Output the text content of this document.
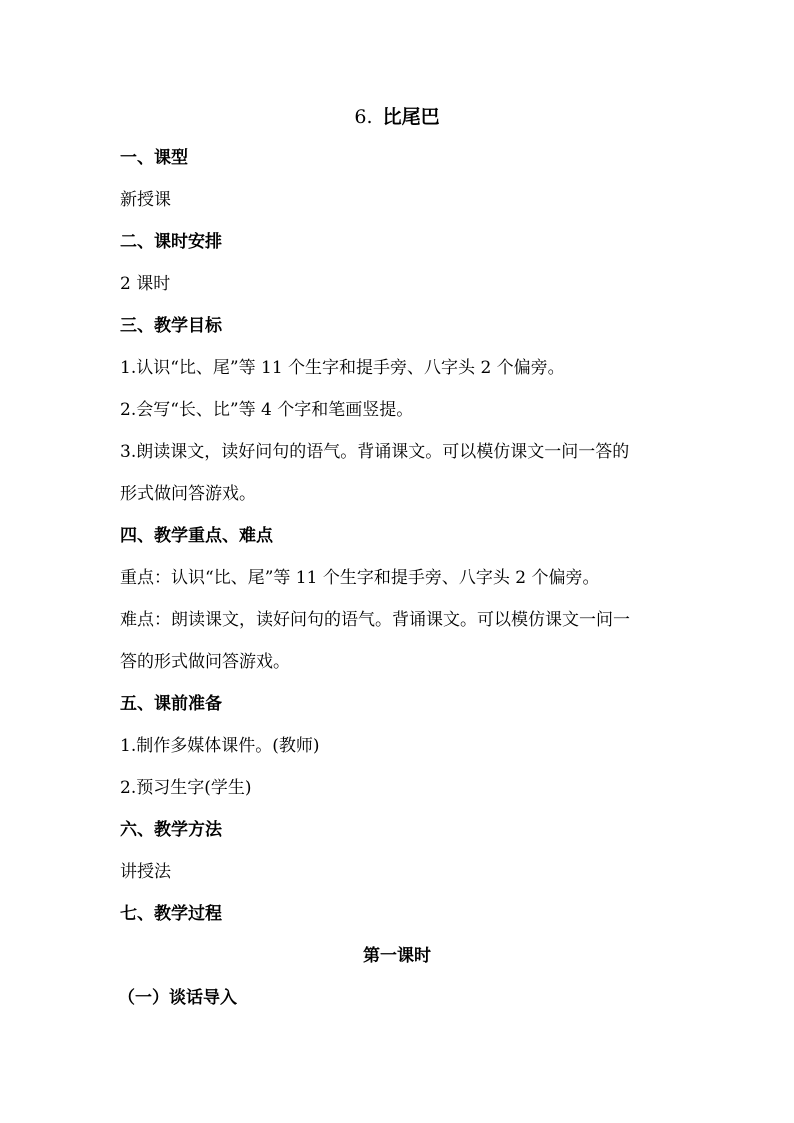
6. 比尾巴
一、课型
新授课
二、课时安排
2 课时
三、教学目标
1.认识“比、尾”等 11 个生字和提手旁、八字头 2 个偏旁。
2.会写“长、比”等 4 个字和笔画竖提。
3.朗读课文，读好问句的语气。背诵课文。可以模仿课文一问一答的
形式做问答游戏。
四、教学重点、难点
重点：认识“比、尾”等 11 个生字和提手旁、八字头 2 个偏旁。
难点：朗读课文，读好问句的语气。背诵课文。可以模仿课文一问一
答的形式做问答游戏。
五、课前准备
1.制作多媒体课件。(教师)
2.预习生字(学生)
六、教学方法
讲授法
七、教学过程
第一课时
（一）谈话导入
